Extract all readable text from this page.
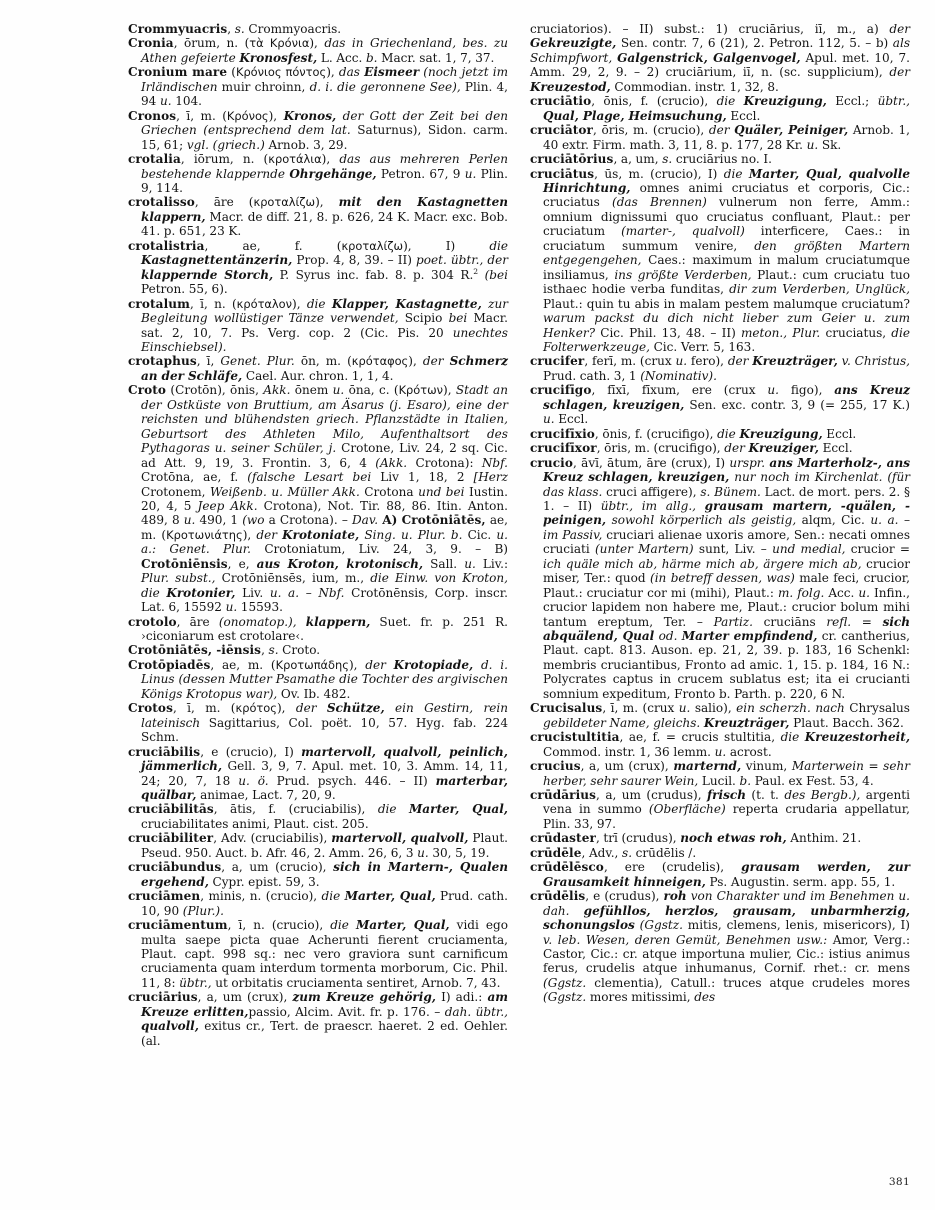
Crommyuacris, s. Crommyoacris.
Cronia, ōrum, n. (τὰ Κρόνια), das in Griechenland, bes. zu Athen gefeierte Kronosfest, L. Acc. b. Macr. sat. 1, 7, 37.
Cronium mare (Κρόνιος πόντος), das Eismeer (noch jetzt im Irländischen muir chroinn, d. i. die geronnene See), Plin. 4, 94 u. 104.
Cronos, ī, m. (Κρόνος), Kronos, der Gott der Zeit bei den Griechen (entsprechend dem lat. Saturnus), Sidon. carm. 15, 61; vgl. (griech.) Arnob. 3, 29.
crotalia, iōrum, n. (κροτάλια), das aus mehreren Perlen bestehende klappernde Ohrgehänge, Petron. 67, 9 u. Plin. 9, 114.
crotalisso, āre (κροταλίζω), mit den Kastagnetten klappern, Macr. de diff. 21, 8. p. 626, 24 K. Macr. exc. Bob. 41. p. 651, 23 K.
crotalistria, ae, f. (κροταλίζω), I) die Kastagnettentänzerin, Prop. 4, 8, 39. – II) poet. übtr., der klappernde Storch, P. Syrus inc. fab. 8. p. 304 R.$^2$ (bei Petron. 55, 6).
crotalum, ī, n. (κρόταλον), die Klapper, Kastagnette, zur Begleitung wollüstiger Tänze verwendet, Scipio bei Macr. sat. 2, 10, 7. Ps. Verg. cop. 2 (Cic. Pis. 20 unechtes Einschiebsel).
crotaphus, ī, Genet. Plur. ōn, m. (κρόταφος), der Schmerz an der Schläfe, Cael. Aur. chron. 1, 1, 4.
Croto (Crotōn), ōnis, Akk. ōnem u. ōna, c. (Κρότων), Stadt an der Ostküste von Bruttium, am Äsarus (j. Esaro), eine der reichsten und blühendsten griech. Pflanzstädte in Italien, Geburtsort des Athleten Milo, Aufenthaltsort des Pythagoras u. seiner Schüler, j. Crotone, Liv. 24, 2 sq. Cic. ad Att. 9, 19, 3. Frontin. 3, 6, 4 (Akk. Crotona): Nbf. Crotōna, ae, f. (falsche Lesart bei Liv 1, 18, 2 [Herz Crotonem, Weißenb. u. Müller Akk. Crotona und bei Iustin. 20, 4, 5 Jeep Akk. Crotona), Not. Tir. 88, 86. Itin. Anton. 489, 8 u. 490, 1 (wo a Crotona). – Dav. A) Crotōniātēs, ae, m. (Κροτωνιάτης), der Krotoniate, Sing. u. Plur. b. Cic. u. a.: Genet. Plur. Crotoniatum, Liv. 24, 3, 9. – B) Crotōniēnsis, e, aus Kroton, krotonisch, Sall. u. Liv.: Plur. subst., Crotōniēnsēs, ium, m., die Einw. von Kroton, die Krotonier, Liv. u. a. – Nbf. Crotōnēnsis, Corp. inscr. Lat. 6, 15592 u. 15593.
crotolo, āre (onomatop.), klappern, Suet. fr. p. 251 R. ›ciconiarum est crotolare‹.
Crotōniātēs, -iēnsis, s. Croto.
Crotōpiadēs, ae, m. (Κροτωπάδης), der Krotopiade, d. i. Linus (dessen Mutter Psamathe die Tochter des argivischen Königs Krotopus war), Ov. Ib. 482.
Crotos, ī, m. (κρότος), der Schütze, ein Gestirn, rein lateinisch Sagittarius, Col. poët. 10, 57. Hyg. fab. 224 Schm.
cruciābilis, e (crucio), I) martervoll, qualvoll, peinlich, jämmerlich, Gell. 3, 9, 7. Apul. met. 10, 3. Amm. 14, 11, 24; 20, 7, 18 u. ö. Prud. psych. 446. – II) marterbar, quälbar, animae, Lact. 7, 20, 9.
cruciābilitās, ātis, f. (cruciabilis), die Marter, Qual, cruciabilitates animi, Plaut. cist. 205.
cruciābiliter, Adv. (cruciabilis), martervoll, qualvoll, Plaut. Pseud. 950. Auct. b. Afr. 46, 2. Amm. 26, 6, 3 u. 30, 5, 19.
cruciābundus, a, um (crucio), sich in Martern-, Qualen ergehend, Cypr. epist. 59, 3.
cruciāmen, minis, n. (crucio), die Marter, Qual, Prud. cath. 10, 90 (Plur.).
cruciāmentum, ī, n. (crucio), die Marter, Qual, vidi ego multa saepe picta quae Acherunti fierent cruciamenta, Plaut. capt. 998 sq.: nec vero graviora sunt carnificum cruciamenta quam interdum tormenta morborum, Cic. Phil. 11, 8: übtr., ut orbitatis cruciamenta sentiret, Arnob. 7, 43.
cruciārius, a, um (crux), zum Kreuze gehörig, I) adi.: am Kreuze erlitten,passio, Alcim. Avit. fr. p. 176. – dah. übtr., qualvoll, exitus cr., Tert. de praescr. haeret. 2 ed. Oehler. (al.
cruciatorios). – II) subst.: 1) cruciārius, iī, m., a) der Gekreuzigte, Sen. contr. 7, 6 (21), 2. Petron. 112, 5. – b) als Schimpfwort, Galgenstrick, Galgenvogel, Apul. met. 10, 7. Amm. 29, 2, 9. – 2) cruciārium, iī, n. (sc. supplicium), der Kreuzestod, Commodian. instr. 1, 32, 8.
cruciātio, ōnis, f. (crucio), die Kreuzigung, Eccl.; übtr., Qual, Plage, Heimsuchung, Eccl.
cruciātor, ōris, m. (crucio), der Quäler, Peiniger, Arnob. 1, 40 extr. Firm. math. 3, 11, 8. p. 177, 28 Kr. u. Sk.
cruciātōrius, a, um, s. cruciārius no. I.
cruciātus, ūs, m. (crucio), I) die Marter, Qual, qualvolle Hinrichtung, omnes animi cruciatus et corporis, Cic.: cruciatus (das Brennen) vulnerum non ferre, Amm.: omnium dignissumi quo cruciatus confluant, Plaut.: per cruciatum (marter-, qualvoll) interficere, Caes.: in cruciatum summum venire, den größten Martern entgegengehen, Caes.: maximum in malum cruciatumque insiliamus, ins größte Verderben, Plaut.: cum cruciatu tuo isthaec hodie verba funditas, dir zum Verderben, Unglück, Plaut.: quin tu abis in malam pestem malumque cruciatum? warum packst du dich nicht lieber zum Geier u. zum Henker? Cic. Phil. 13, 48. – II) meton., Plur. cruciatus, die Folterwerkzeuge, Cic. Verr. 5, 163.
crucifer, ferī, m. (crux u. fero), der Kreuzträger, v. Christus, Prud. cath. 3, 1 (Nominativ).
crucifīgo, fīxī, fīxum, ere (crux u. figo), ans Kreuz schlagen, kreuzigen, Sen. exc. contr. 3, 9 (= 255, 17 K.) u. Eccl.
crucifīxio, ōnis, f. (crucifigo), die Kreuzigung, Eccl.
crucifīxor, ōris, m. (crucifigo), der Kreuziger, Eccl.
crucio, āvī, ātum, āre (crux), I) urspr. ans Marterholz-, ans Kreuz schlagen, kreuzigen, nur noch im Kirchenlat. (für das klass. cruci affigere), s. Bünem. Lact. de mort. pers. 2. § 1. – II) übtr., im allg., grausam martern, -quälen, -peinigen, sowohl körperlich als geistig, alqm, Cic. u. a. – im Passiv, cruciari alienae uxoris amore, Sen.: necati omnes cruciati (unter Martern) sunt, Liv. – und medial, crucior = ich quäle mich ab, härme mich ab, ärgere mich ab, crucior miser, Ter.: quod (in betreff dessen, was) male feci, crucior, Plaut.: cruciatur cor mi (mihi), Plaut.: m. folg. Acc. u. Infin., crucior lapidem non habere me, Plaut.: crucior bolum mihi tantum ereptum, Ter. – Partiz. cruciāns refl. = sich abquälend, Qual od. Marter empfindend, cr. cantherius, Plaut. capt. 813. Auson. ep. 21, 2, 39. p. 183, 16 Schenkl: membris cruciantibus, Fronto ad amic. 1, 15. p. 184, 16 N.: Polycrates captus in crucem sublatus est; ita ei crucianti somnium expeditum, Fronto b. Parth. p. 220, 6 N.
Crucisalus, ī, m. (crux u. salio), ein scherzh. nach Chrysalus gebildeter Name, gleichs. Kreuzträger, Plaut. Bacch. 362.
crucistultitia, ae, f. = crucis stultitia, die Kreuzestorheit, Commod. instr. 1, 36 lemm. u. acrost.
crucius, a, um (crux), marternd, vinum, Marterwein = sehr herber, sehr saurer Wein, Lucil. b. Paul. ex Fest. 53, 4.
crūdārius, a, um (crudus), frisch (t. t. des Bergb.), argenti vena in summo (Oberfläche) reperta crudaria appellatur, Plin. 33, 97.
crūdaster, trī (crudus), noch etwas roh, Anthim. 21.
crūdēle, Adv., s. crūdēlis /.
crūdēlēsco, ere (crudelis), grausam werden, zur Grausamkeit hinneigen, Ps. Augustin. serm. app. 55, 1.
crūdēlis, e (crudus), roh von Charakter und im Benehmen u. dah. gefühllos, herzlos, grausam, unbarmherzig, schonungslos (Ggstz. mitis, clemens, lenis, misericors), I) v. leb. Wesen, deren Gemüt, Benehmen usw.: Amor, Verg.: Castor, Cic.: cr. atque importuna mulier, Cic.: istius animus ferus, crudelis atque inhumanus, Cornif. rhet.: cr. mens (Ggstz. clementia), Catull.: truces atque crudeles mores (Ggstz. mores mitissimi, des
381
